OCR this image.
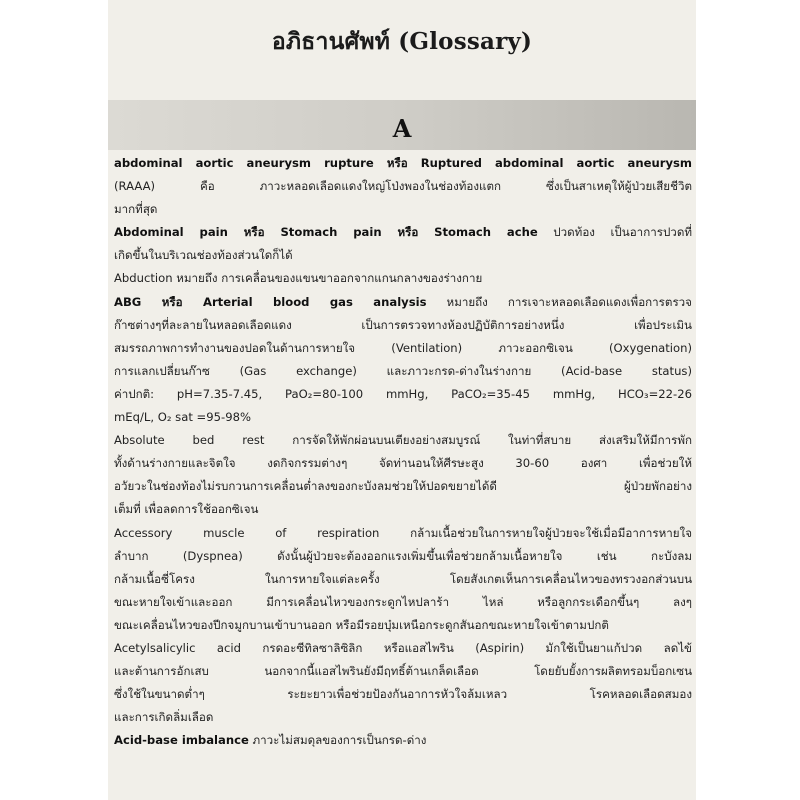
อภิธานศัพท์ (Glossary)
A
abdominal aortic aneurysm rupture หรือ Ruptured abdominal aortic aneurysm
(RAAA) คือ ภาวะหลอดเลือดแดงใหญ่โป่งพองในช่องท้องแตก ซึ่งเป็นสาเหตุให้ผู้ป่วยเสียชีวิต
มากที่สุด
Abdominal pain หรือ Stomach pain หรือ Stomach ache ปวดท้อง เป็นอาการปวดที่
เกิดขึ้นในบริเวณช่องท้องส่วนใดก็ได้
Abduction หมายถึง การเคลื่อนของแขนขาออกจากแกนกลางของร่างกาย
ABG หรือ Arterial blood gas analysis หมายถึง การเจาะหลอดเลือดแดงเพื่อการตรวจ
ก๊าซต่างๆที่ละลายในหลอดเลือดแดง เป็นการตรวจทางห้องปฏิบัติการอย่างหนึ่ง เพื่อประเมิน
สมรรถภาพการทำงานของปอดในด้านการหายใจ (Ventilation) ภาวะออกซิเจน (Oxygenation)
การแลกเปลี่ยนก๊าซ (Gas exchange) และภาวะกรด-ด่างในร่างกาย (Acid-base status)
ค่าปกติ: pH=7.35-7.45, PaO₂=80-100 mmHg, PaCO₂=35-45 mmHg, HCO₃=22-26
mEq/L, O₂ sat =95-98%
Absolute bed rest การจัดให้พักผ่อนบนเตียงอย่างสมบูรณ์ ในท่าที่สบาย ส่งเสริมให้มีการพัก
ทั้งด้านร่างกายและจิตใจ งดกิจกรรมต่างๆ จัดท่านอนให้ศีรษะสูง 30-60 องศา เพื่อช่วยให้
อวัยวะในช่องท้องไม่รบกวนการเคลื่อนต่ำลงของกะบังลมช่วยให้ปอดขยายได้ดี ผู้ป่วยพักอย่าง
เต็มที่ เพื่อลดการใช้ออกซิเจน
Accessory muscle of respiration กล้ามเนื้อช่วยในการหายใจผู้ป่วยจะใช้เมื่อมีอาการหายใจ
ลำบาก (Dyspnea) ดังนั้นผู้ป่วยจะต้องออกแรงเพิ่มขึ้นเพื่อช่วยกล้ามเนื้อหายใจ เช่น กะบังลม
กล้ามเนื้อซี่โครง ในการหายใจแต่ละครั้ง โดยสังเกตเห็นการเคลื่อนไหวของทรวงอกส่วนบน
ขณะหายใจเข้าและออก มีการเคลื่อนไหวของกระดูกไหปลาร้า ไหล่ หรือลูกกระเดือกขึ้นๆ ลงๆ
ขณะเคลื่อนไหวของปีกจมูกบานเข้าบานออก หรือมีรอยบุ๋มเหนือกระดูกสันอกขณะหายใจเข้าตามปกติ
Acetylsalicylic acid กรดอะซีทิลซาลิซิลิก หรือแอสไพริน (Aspirin) มักใช้เป็นยาแก้ปวด ลดไข้
และต้านการอักเสบ นอกจากนี้แอสไพรินยังมีฤทธิ์ต้านเกล็ดเลือด โดยยับยั้งการผลิตทรอมบ็อกเซน
ซึ่งใช้ในขนาดต่ำๆ ระยะยาวเพื่อช่วยป้องกันอาการหัวใจล้มเหลว โรคหลอดเลือดสมอง
และการเกิดลิ่มเลือด
Acid-base imbalance ภาวะไม่สมดุลของการเป็นกรด-ด่าง
